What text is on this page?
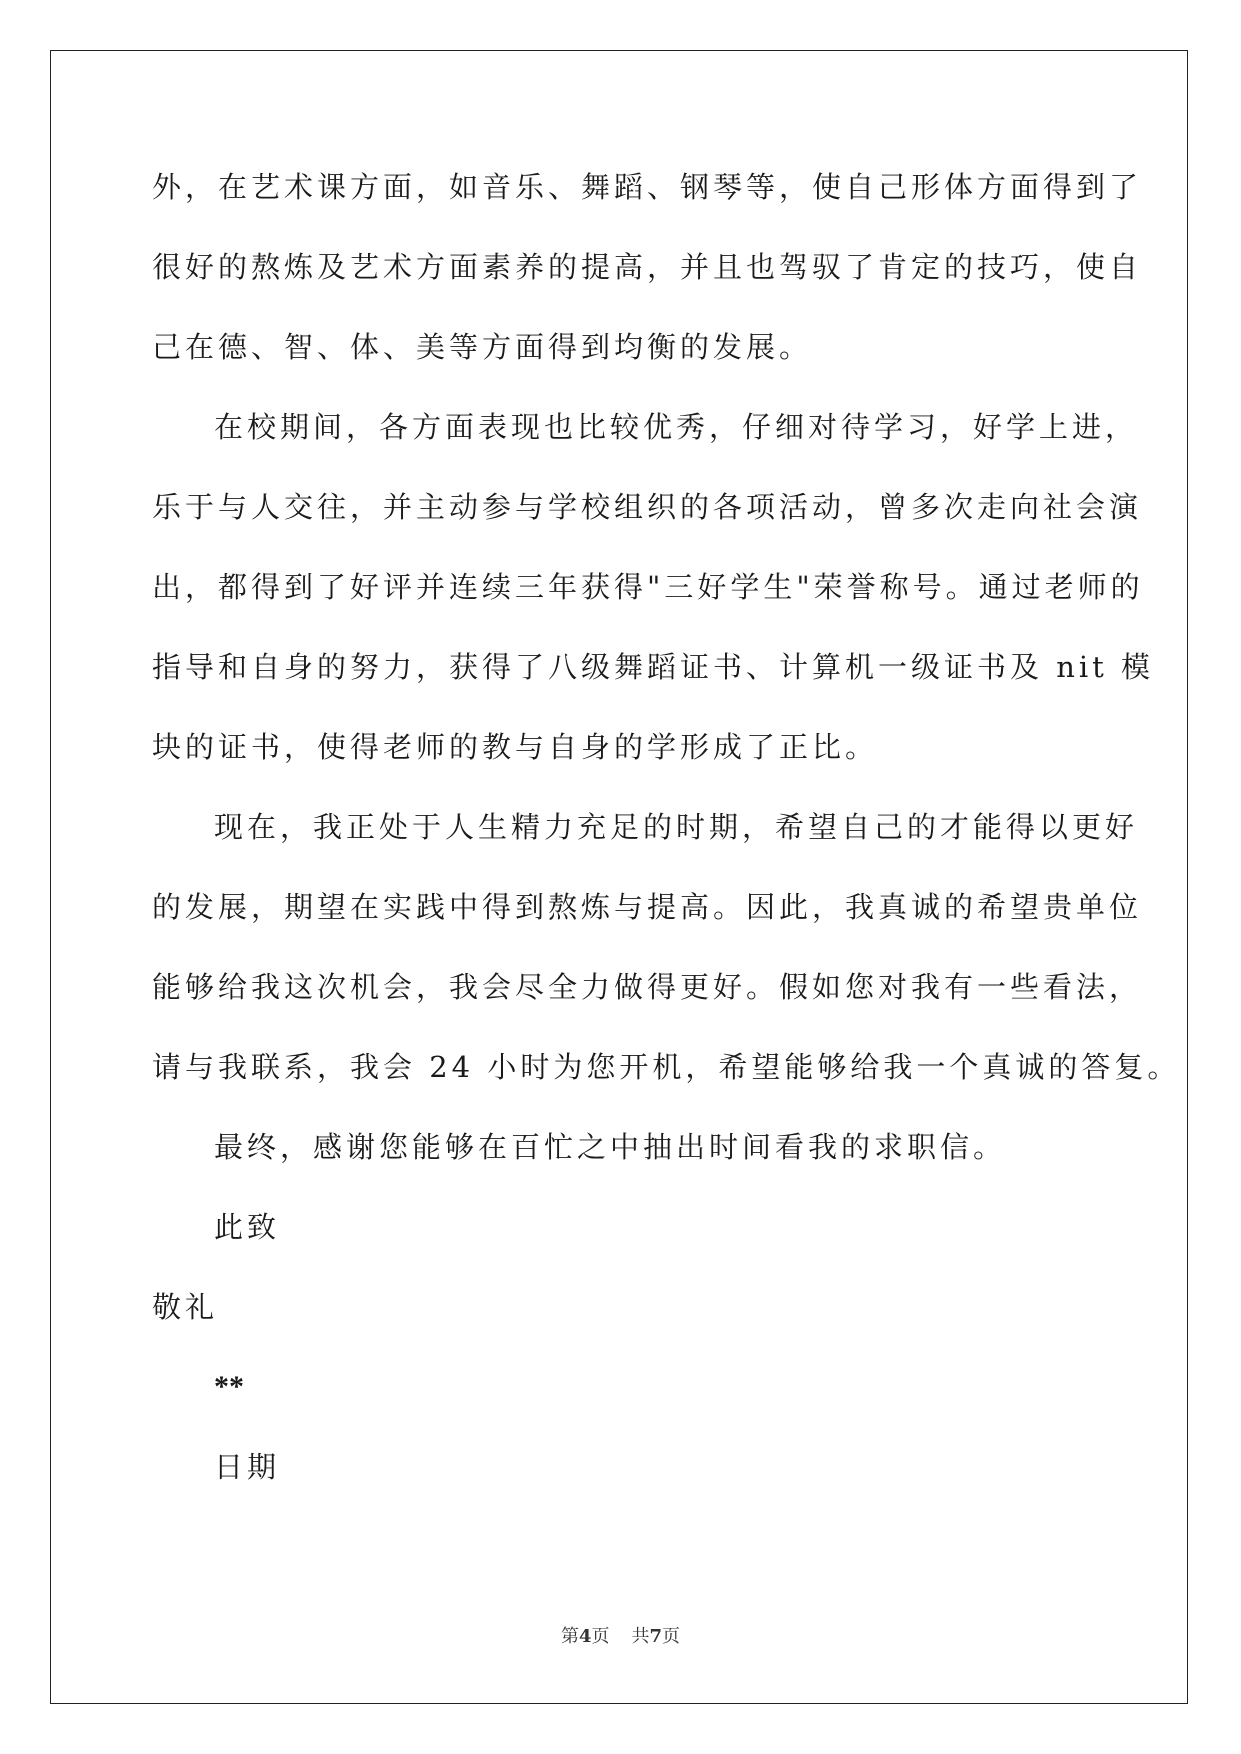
外，在艺术课方面，如音乐、舞蹈、钢琴等，使自己形体方面得到了
很好的熬炼及艺术方面素养的提高，并且也驾驭了肯定的技巧，使自
己在德、智、体、美等方面得到均衡的发展。
在校期间，各方面表现也比较优秀，仔细对待学习，好学上进，
乐于与人交往，并主动参与学校组织的各项活动，曾多次走向社会演
出，都得到了好评并连续三年获得"三好学生"荣誉称号。通过老师的
指导和自身的努力，获得了八级舞蹈证书、计算机一级证书及 nit 模
块的证书，使得老师的教与自身的学形成了正比。
现在，我正处于人生精力充足的时期，希望自己的才能得以更好
的发展，期望在实践中得到熬炼与提高。因此，我真诚的希望贵单位
能够给我这次机会，我会尽全力做得更好。假如您对我有一些看法，
请与我联系，我会 24 小时为您开机，希望能够给我一个真诚的答复。
最终，感谢您能够在百忙之中抽出时间看我的求职信。
此致
敬礼
**
日期
第4页 共7页
